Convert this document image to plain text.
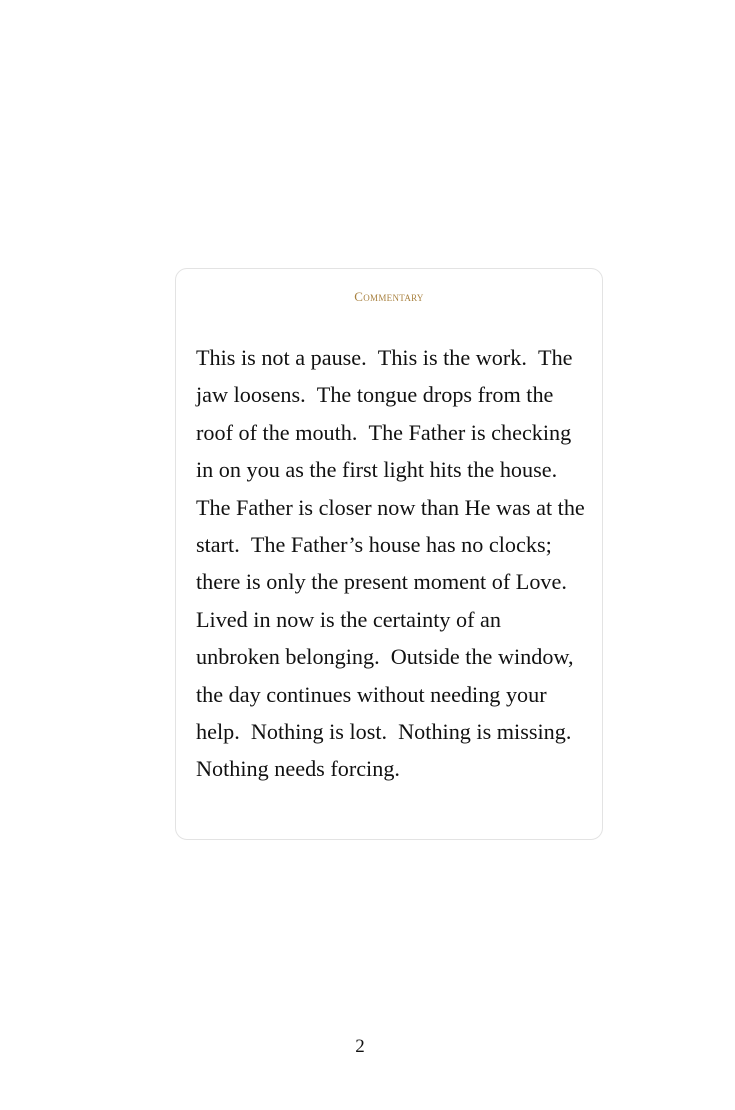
Commentary

This is not a pause. This is the work. The jaw loosens. The tongue drops from the roof of the mouth. The Father is checking in on you as the first light hits the house. The Father is closer now than He was at the start. The Father’s house has no clocks; there is only the present moment of Love. Lived in now is the certainty of an unbroken belonging. Outside the window, the day continues without needing your help. Nothing is lost. Nothing is missing. Nothing needs forcing.

2
